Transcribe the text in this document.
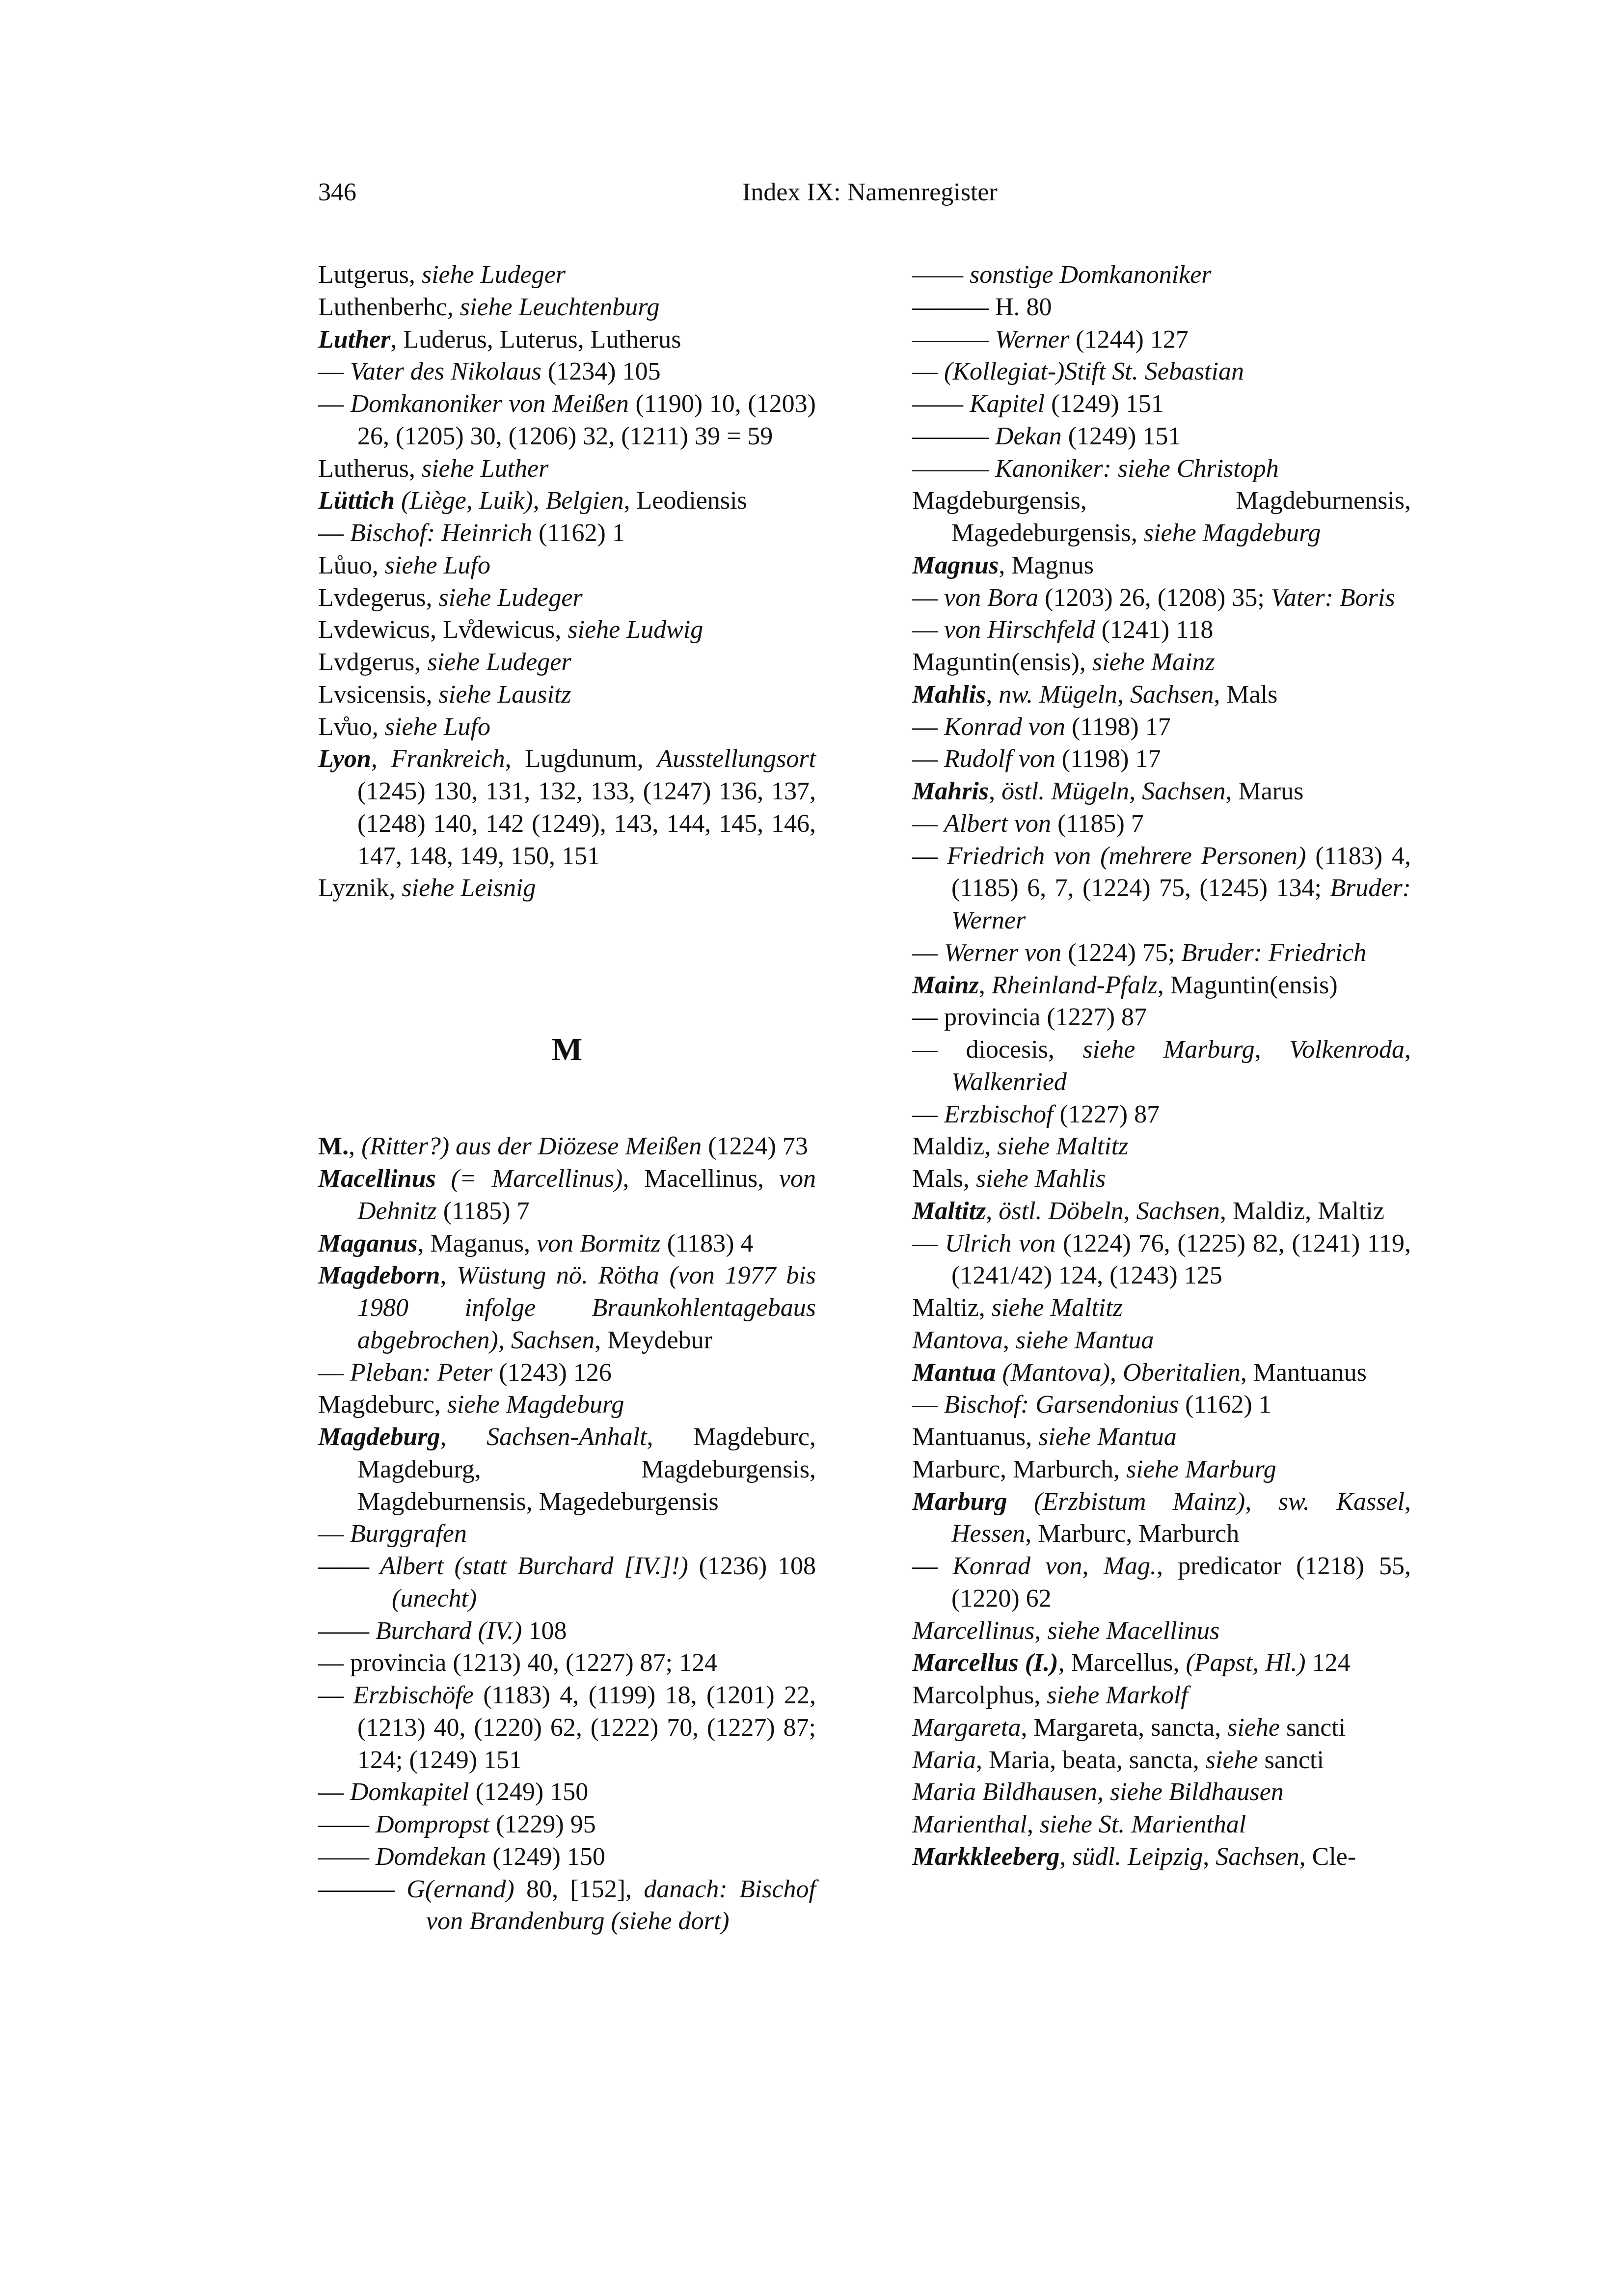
346	Index IX: Namenregister
Lutgerus, siehe Ludeger
Luthenberhc, siehe Leuchtenburg
Luther, Luderus, Luterus, Lutherus
— Vater des Nikolaus (1234) 105
— Domkanoniker von Meißen (1190) 10, (1203) 26, (1205) 30, (1206) 32, (1211) 39 = 59
Lutherus, siehe Luther
Lüttich (Liège, Luik), Belgien, Leodiensis
— Bischof: Heinrich (1162) 1
Lůuo, siehe Lufo
Lvdegerus, siehe Ludeger
Lvdewicus, Lv̊dewicus, siehe Ludwig
Lvdgerus, siehe Ludeger
Lvsicensis, siehe Lausitz
Lv̊uo, siehe Lufo
Lyon, Frankreich, Lugdunum, Ausstellungsort (1245) 130, 131, 132, 133, (1247) 136, 137, (1248) 140, 142 (1249), 143, 144, 145, 146, 147, 148, 149, 150, 151
Lyznik, siehe Leisnig
M
M., (Ritter?) aus der Diözese Meißen (1224) 73
Macellinus (= Marcellinus), Macellinus, von Dehnitz (1185) 7
Maganus, Maganus, von Bormitz (1183) 4
Magdeborn, Wüstung nö. Rötha (von 1977 bis 1980 infolge Braunkohlentagebaus abgebrochen), Sachsen, Meydebur
— Pleban: Peter (1243) 126
Magdeburc, siehe Magdeburg
Magdeburg, Sachsen-Anhalt, Magdeburc, Magdeburg, Magdeburgensis, Magdeburnensis, Magedeburgensis
— Burggrafen
—— Albert (statt Burchard [IV.]!) (1236) 108 (unecht)
—— Burchard (IV.) 108
— provincia (1213) 40, (1227) 87; 124
— Erzbischöfe (1183) 4, (1199) 18, (1201) 22, (1213) 40, (1220) 62, (1222) 70, (1227) 87; 124; (1249) 151
— Domkapitel (1249) 150
—— Dompropst (1229) 95
—— Domdekan (1249) 150
——— G(ernand) 80, [152], danach: Bischof von Brandenburg (siehe dort)
—— sonstige Domkanoniker
——— H. 80
——— Werner (1244) 127
— (Kollegiat-)Stift St. Sebastian
—— Kapitel (1249) 151
——— Dekan (1249) 151
——— Kanoniker: siehe Christoph
Magdeburgensis, Magdeburnensis, Magedeburgensis, siehe Magdeburg
Magnus, Magnus
— von Bora (1203) 26, (1208) 35; Vater: Boris
— von Hirschfeld (1241) 118
Maguntin(ensis), siehe Mainz
Mahlis, nw. Mügeln, Sachsen, Mals
— Konrad von (1198) 17
— Rudolf von (1198) 17
Mahris, östl. Mügeln, Sachsen, Marus
— Albert von (1185) 7
— Friedrich von (mehrere Personen) (1183) 4, (1185) 6, 7, (1224) 75, (1245) 134; Bruder: Werner
— Werner von (1224) 75; Bruder: Friedrich
Mainz, Rheinland-Pfalz, Maguntin(ensis)
— provincia (1227) 87
— diocesis, siehe Marburg, Volkenroda, Walkenried
— Erzbischof (1227) 87
Maldiz, siehe Maltitz
Mals, siehe Mahlis
Maltitz, östl. Döbeln, Sachsen, Maldiz, Maltiz
— Ulrich von (1224) 76, (1225) 82, (1241) 119, (1241/42) 124, (1243) 125
Maltiz, siehe Maltitz
Mantova, siehe Mantua
Mantua (Mantova), Oberitalien, Mantuanus
— Bischof: Garsendonius (1162) 1
Mantuanus, siehe Mantua
Marburc, Marburch, siehe Marburg
Marburg (Erzbistum Mainz), sw. Kassel, Hessen, Marburc, Marburch
— Konrad von, Mag., predicator (1218) 55, (1220) 62
Marcellinus, siehe Macellinus
Marcellus (I.), Marcellus, (Papst, Hl.) 124
Marcolphus, siehe Markolf
Margareta, Margareta, sancta, siehe sancti
Maria, Maria, beata, sancta, siehe sancti
Maria Bildhausen, siehe Bildhausen
Marienthal, siehe St. Marienthal
Markkleeberg, südl. Leipzig, Sachsen, Cle-
